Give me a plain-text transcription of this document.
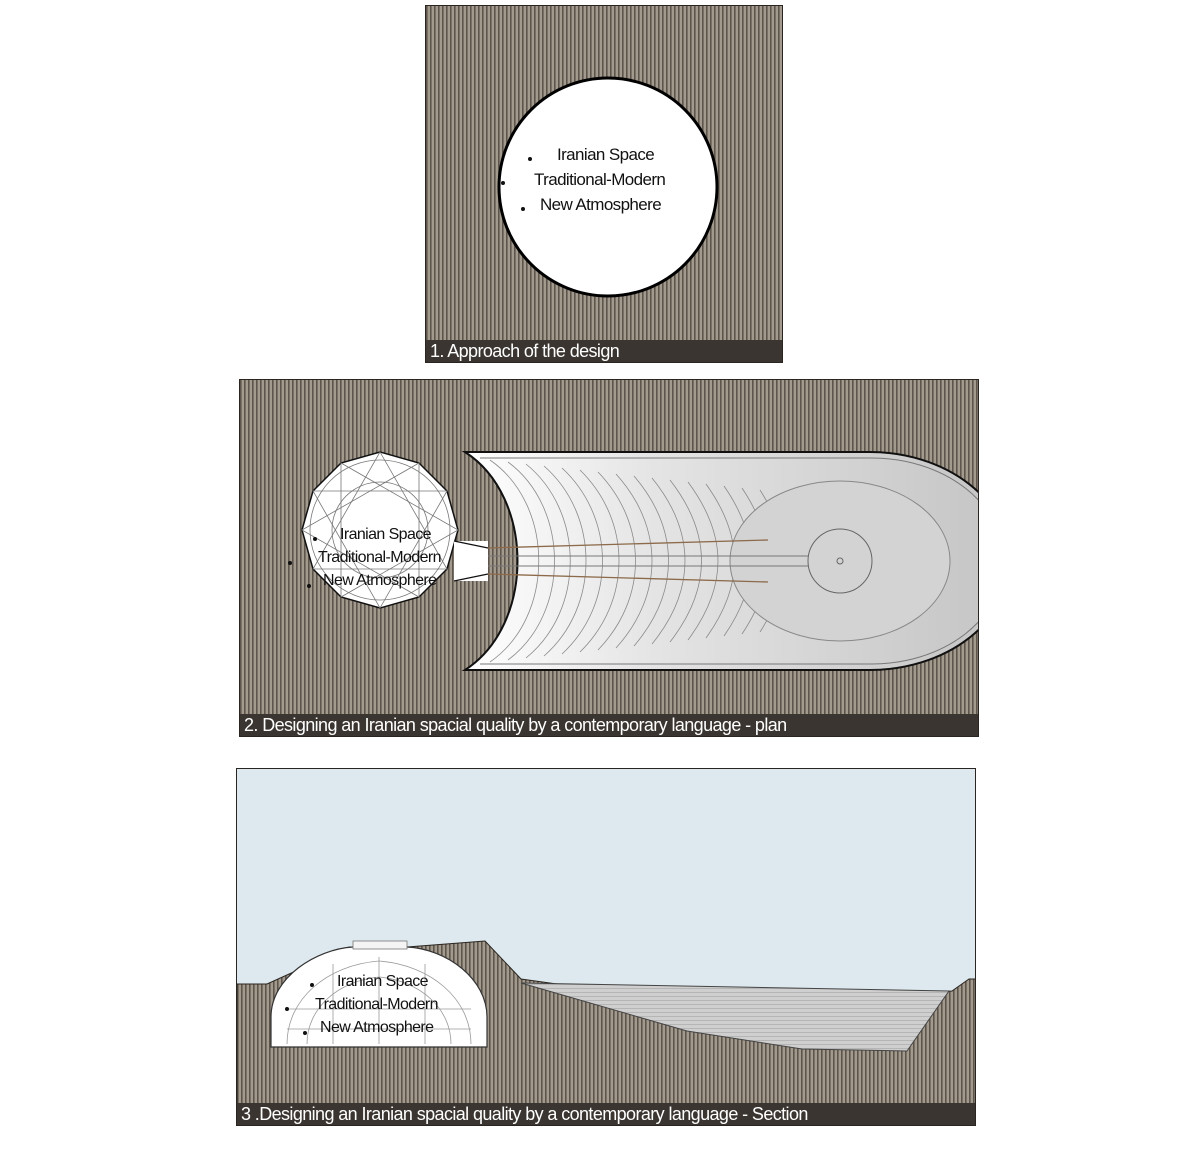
Iranian Space
Traditional-Modern
New Atmosphere
1. Approach of the design
Iranian Space
Traditional-Modern
New Atmosphere
2. Designing an Iranian spacial quality by a contemporary language - plan
Iranian Space
Traditional-Modern
New Atmosphere
3 .Designing an Iranian spacial quality by a contemporary language - Section
